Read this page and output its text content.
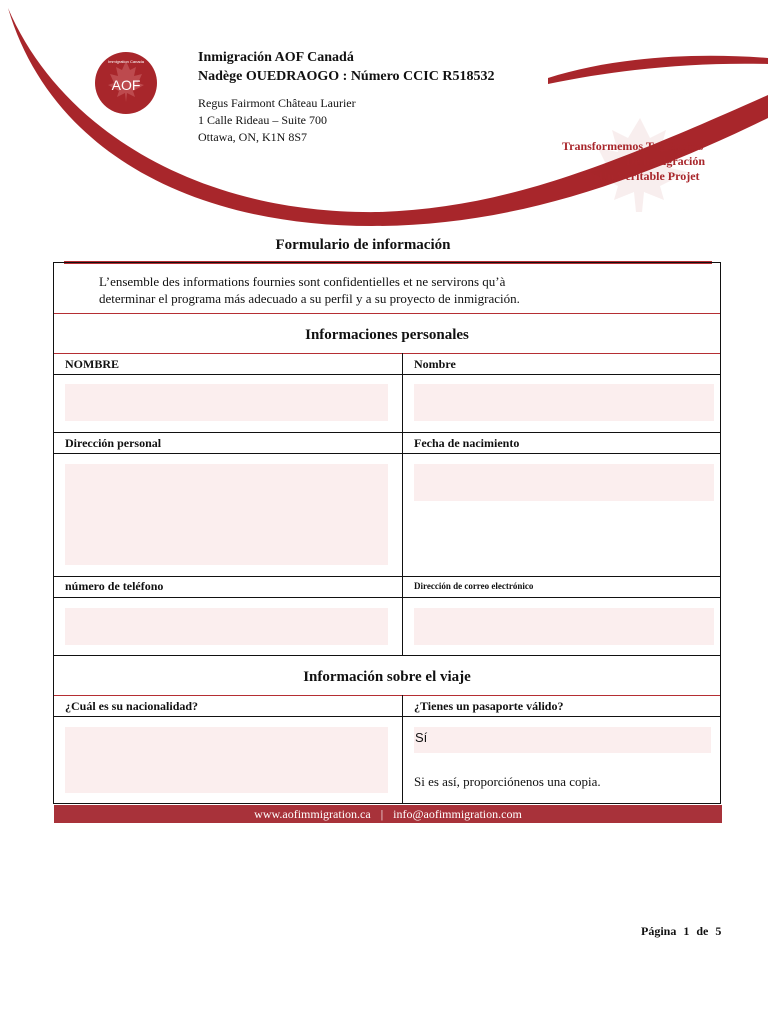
Immigration Canada
AOF
Inmigración AOF Canadá
Nadège OUEDRAOGO : Número CCIC R518532
Regus Fairmont Château Laurier
1 Calle Rideau – Suite 700
Ottawa, ON, K1N 8S7
Transformemos Tus Sueños
De inmigración
En Un Véritable Projet
Formulario de información
L’ensemble des informations fournies sont confidentielles et ne servirons qu’à
determinar el programa más adecuado a su perfil y a su proyecto de inmigración.
Informaciones personales
NOMBRE	Nombre
Dirección personal	Fecha de nacimiento
número de teléfono	Dirección de correo electrónico
Información sobre el viaje
¿Cuál es su nacionalidad?	¿Tienes un pasaporte válido?
Sí
Si es así, proporciónenos una copia.
www.aofimmigration.ca | info@aofimmigration.com
Página 1 de 5
